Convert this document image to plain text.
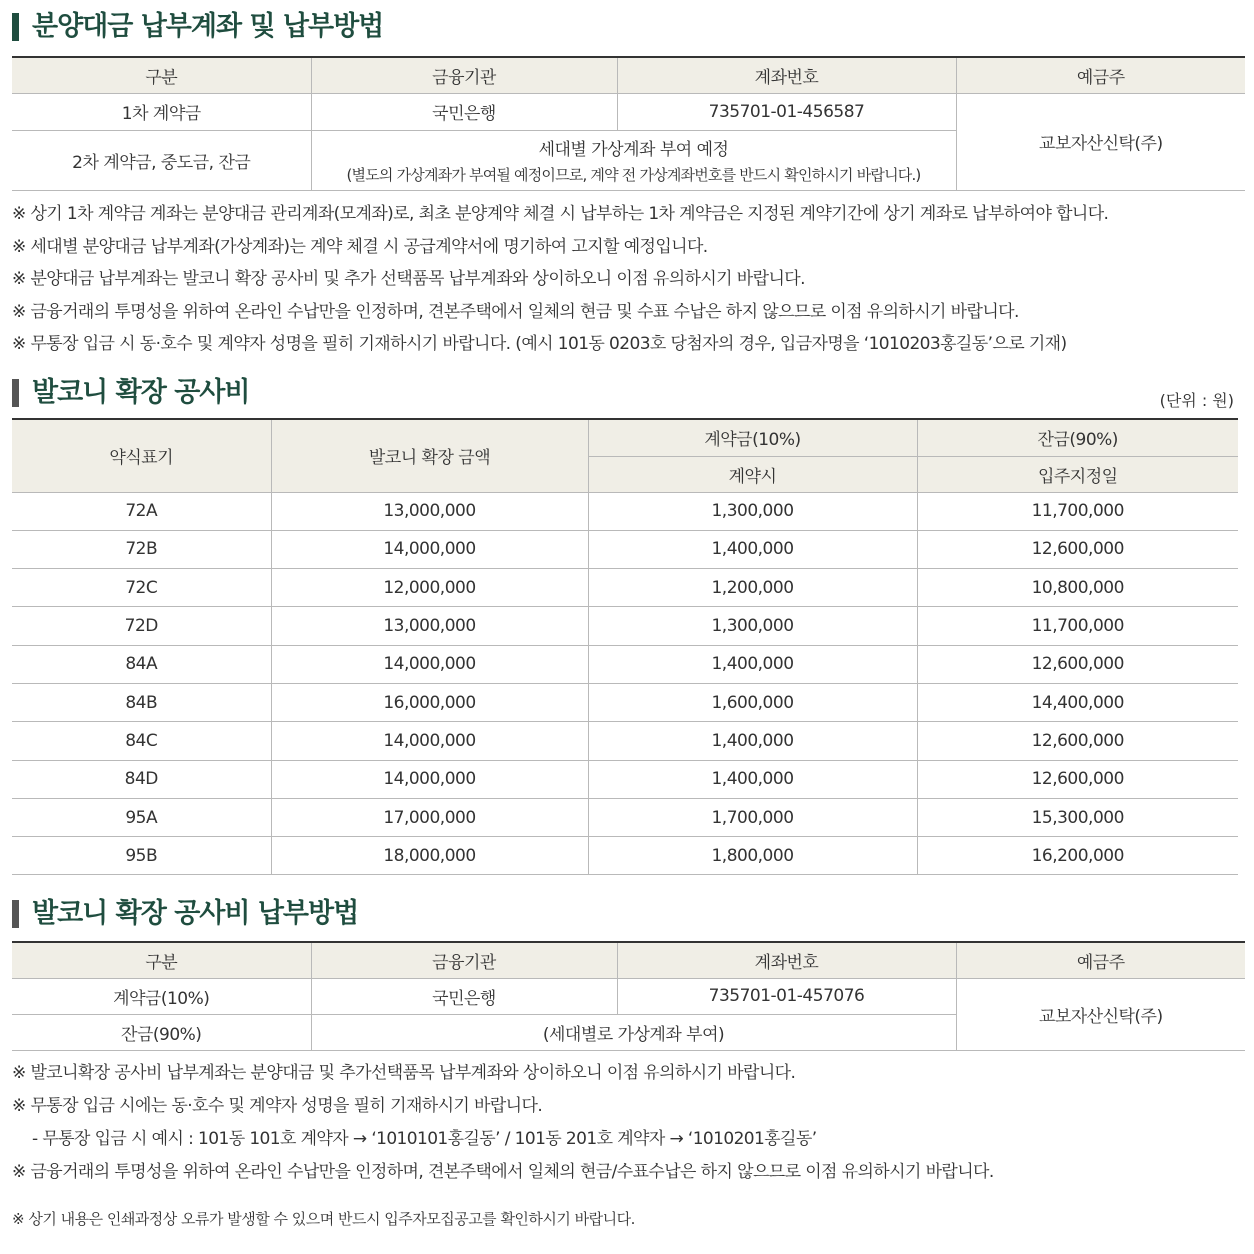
분양대금 납부계좌 및 납부방법
구분	금융기관	계좌번호	예금주
1차 계약금	국민은행	735701-01-456587	교보자산신탁(주)
2차 계약금, 중도금, 잔금	세대별 가상계좌 부여 예정
(별도의 가상계좌가 부여될 예정이므로, 계약 전 가상계좌번호를 반드시 확인하시기 바랍니다.)		
※ 상기 1차 계약금 계좌는 분양대금 관리계좌(모계좌)로, 최초 분양계약 체결 시 납부하는 1차 계약금은 지정된 계약기간에 상기 계좌로 납부하여야 합니다.
※ 세대별 분양대금 납부계좌(가상계좌)는 계약 체결 시 공급계약서에 명기하여 고지할 예정입니다.
※ 분양대금 납부계좌는 발코니 확장 공사비 및 추가 선택품목 납부계좌와 상이하오니 이점 유의하시기 바랍니다.
※ 금융거래의 투명성을 위하여 온라인 수납만을 인정하며, 견본주택에서 일체의 현금 및 수표 수납은 하지 않으므로 이점 유의하시기 바랍니다.
※ 무통장 입금 시 동·호수 및 계약자 성명을 필히 기재하시기 바랍니다. (예시 101동 0203호 당첨자의 경우, 입금자명을 ‘1010203홍길동’으로 기재)
발코니 확장 공사비	(단위 : 원)
약식표기	발코니 확장 금액	계약금(10%)	잔금(90%)
		계약시	입주지정일
72A	13,000,000	1,300,000	11,700,000
72B	14,000,000	1,400,000	12,600,000
72C	12,000,000	1,200,000	10,800,000
72D	13,000,000	1,300,000	11,700,000
84A	14,000,000	1,400,000	12,600,000
84B	16,000,000	1,600,000	14,400,000
84C	14,000,000	1,400,000	12,600,000
84D	14,000,000	1,400,000	12,600,000
95A	17,000,000	1,700,000	15,300,000
95B	18,000,000	1,800,000	16,200,000
발코니 확장 공사비 납부방법
구분	금융기관	계좌번호	예금주
계약금(10%)	국민은행	735701-01-457076	교보자산신탁(주)
잔금(90%)	(세대별로 가상계좌 부여)		
※ 발코니확장 공사비 납부계좌는 분양대금 및 추가선택품목 납부계좌와 상이하오니 이점 유의하시기 바랍니다.
※ 무통장 입금 시에는 동·호수 및 계약자 성명을 필히 기재하시기 바랍니다.
- 무통장 입금 시 예시 : 101동 101호 계약자 → ‘1010101홍길동’ / 101동 201호 계약자 → ‘1010201홍길동’
※ 금융거래의 투명성을 위하여 온라인 수납만을 인정하며, 견본주택에서 일체의 현금/수표수납은 하지 않으므로 이점 유의하시기 바랍니다.
※ 상기 내용은 인쇄과정상 오류가 발생할 수 있으며 반드시 입주자모집공고를 확인하시기 바랍니다.
